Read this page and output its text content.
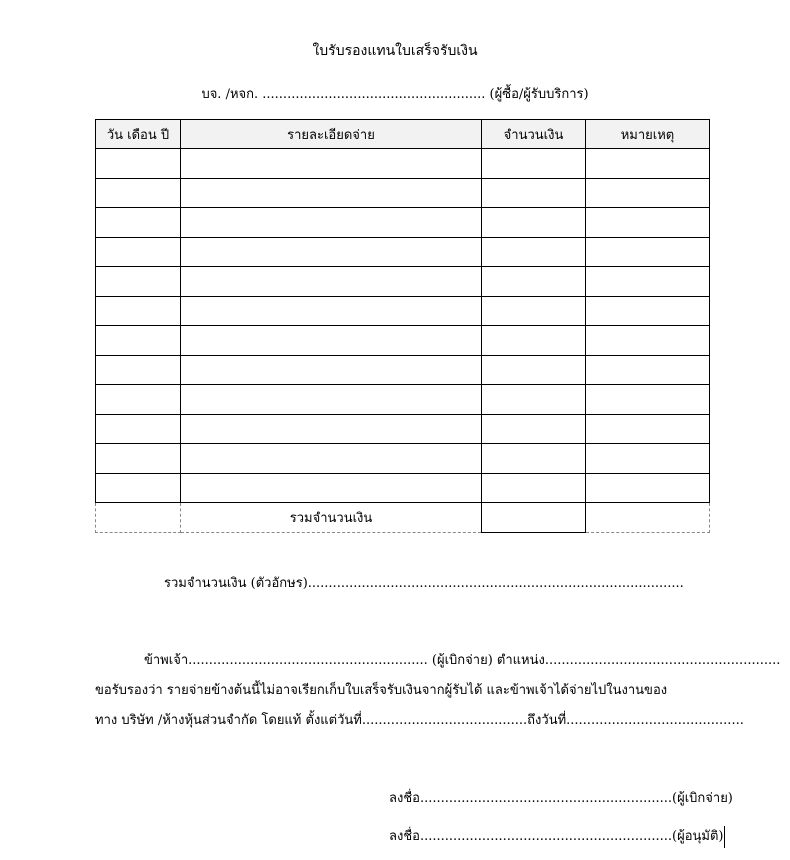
ใบรับรองแทนใบเสร็จรับเงิน
บจ. /หจก. ...................................................... (ผู้ซื้อ/ผู้รับบริการ)
วัน เดือน ปี	รายละเอียดจ่าย	จำนวนเงิน	หมายเหตุ

	รวมจำนวนเงิน		
รวมจำนวนเงิน (ตัวอักษร)...........................................................................................
ข้าพเจ้า.......................................................... (ผู้เบิกจ่าย) ตำแหน่ง.........................................................
ขอรับรองว่า รายจ่ายข้างต้นนี้ไม่อาจเรียกเก็บใบเสร็จรับเงินจากผู้รับได้ และข้าพเจ้าได้จ่ายไปในงานของ
ทาง บริษัท /ห้างหุ้นส่วนจำกัด โดยแท้ ตั้งแต่วันที่........................................ถึงวันที่...........................................
ลงชื่อ.............................................................(ผู้เบิกจ่าย)
ลงชื่อ.............................................................(ผู้อนุมัติ)
